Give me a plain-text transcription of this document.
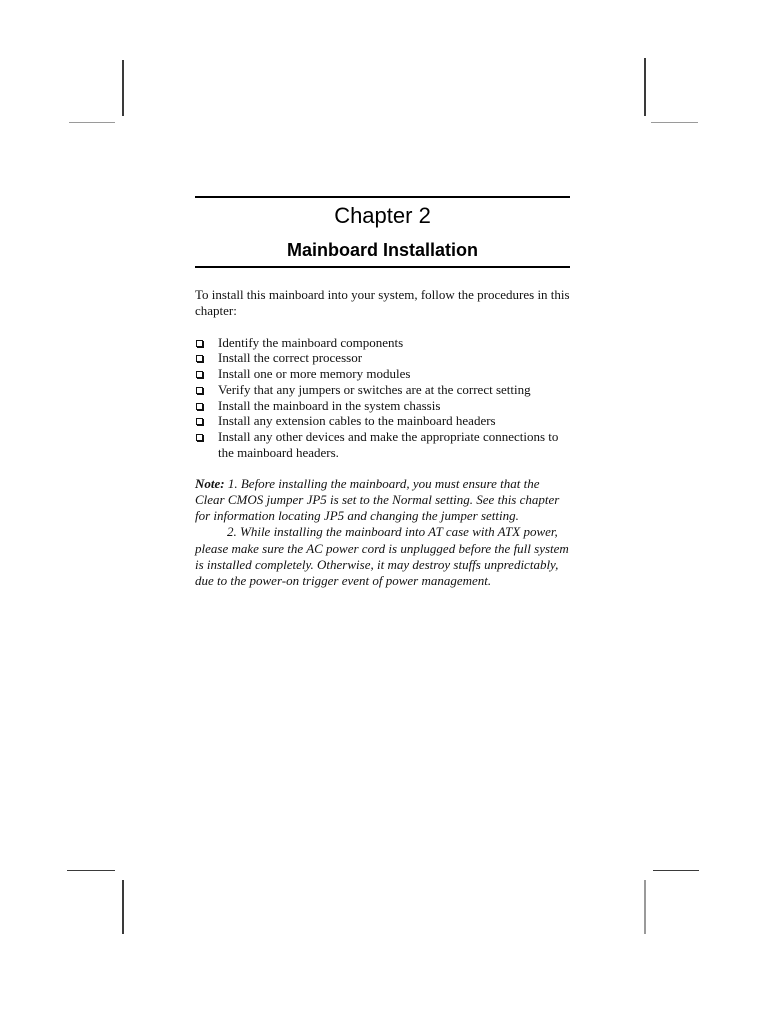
Chapter 2
Mainboard Installation

To install this mainboard into your system, follow the procedures in this chapter:

Identify the mainboard components
Install the correct processor
Install one or more memory modules
Verify that any jumpers or switches are at the correct setting
Install the mainboard in the system chassis
Install any extension cables to the mainboard headers
Install any other devices and make the appropriate connections to the mainboard headers.

Note: 1. Before installing the mainboard, you must ensure that the Clear CMOS jumper JP5 is set to the Normal setting. See this chapter for information locating JP5 and changing the jumper setting.

2. While installing the mainboard into AT case with ATX power, please make sure the AC power cord is unplugged before the full system is installed completely. Otherwise, it may destroy stuffs unpredictably, due to the power-on trigger event of power management.
